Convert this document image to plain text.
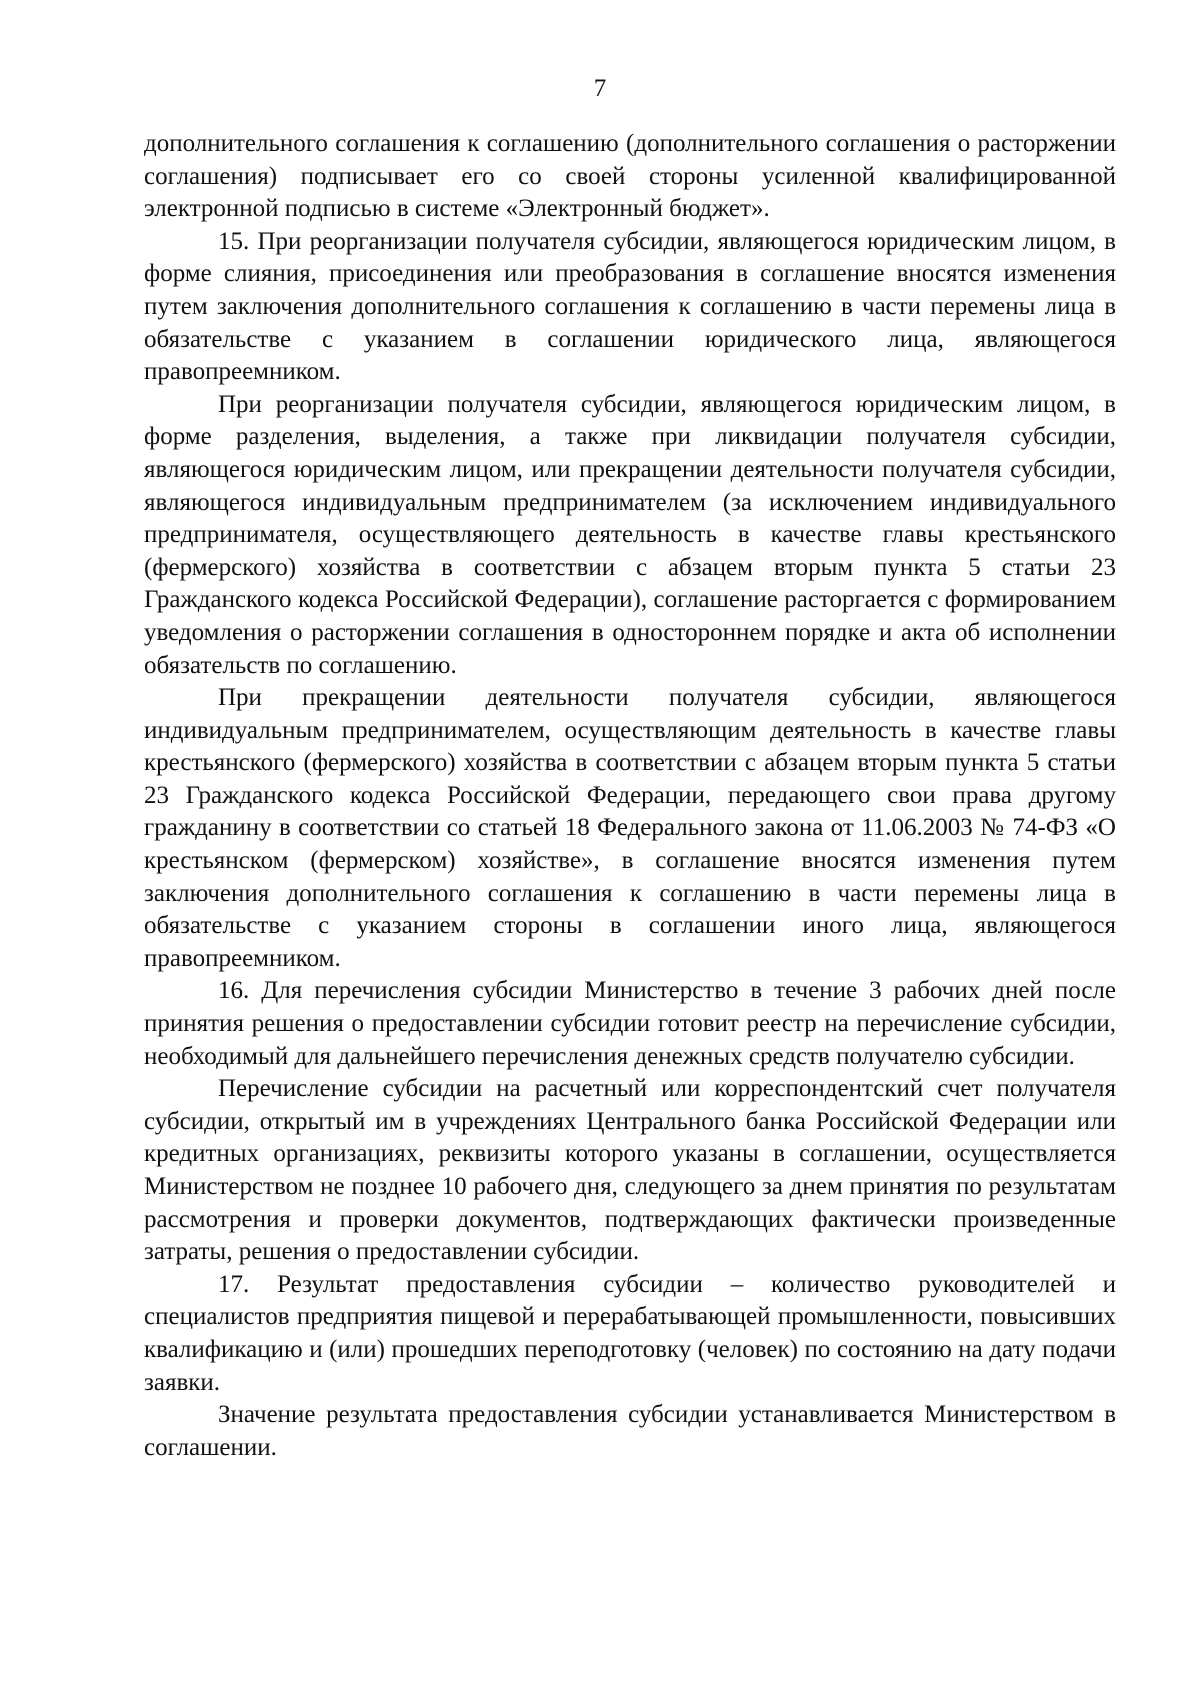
7

дополнительного соглашения к соглашению (дополнительного соглашения о расторжении соглашения) подписывает его со своей стороны усиленной квалифицированной электронной подписью в системе «Электронный бюджет».

15. При реорганизации получателя субсидии, являющегося юридическим лицом, в форме слияния, присоединения или преобразования в соглашение вносятся изменения путем заключения дополнительного соглашения к соглашению в части перемены лица в обязательстве с указанием в соглашении юридического лица, являющегося правопреемником.

При реорганизации получателя субсидии, являющегося юридическим лицом, в форме разделения, выделения, а также при ликвидации получателя субсидии, являющегося юридическим лицом, или прекращении деятельности получателя субсидии, являющегося индивидуальным предпринимателем (за исключением индивидуального предпринимателя, осуществляющего деятельность в качестве главы крестьянского (фермерского) хозяйства в соответствии с абзацем вторым пункта 5 статьи 23 Гражданского кодекса Российской Федерации), соглашение расторгается с формированием уведомления о расторжении соглашения в одностороннем порядке и акта об исполнении обязательств по соглашению.

При прекращении деятельности получателя субсидии, являющегося индивидуальным предпринимателем, осуществляющим деятельность в качестве главы крестьянского (фермерского) хозяйства в соответствии с абзацем вторым пункта 5 статьи 23 Гражданского кодекса Российской Федерации, передающего свои права другому гражданину в соответствии со статьей 18 Федерального закона от 11.06.2003 № 74-ФЗ «О крестьянском (фермерском) хозяйстве», в соглашение вносятся изменения путем заключения дополнительного соглашения к соглашению в части перемены лица в обязательстве с указанием стороны в соглашении иного лица, являющегося правопреемником.

16. Для перечисления субсидии Министерство в течение 3 рабочих дней после принятия решения о предоставлении субсидии готовит реестр на перечисление субсидии, необходимый для дальнейшего перечисления денежных средств получателю субсидии.

Перечисление субсидии на расчетный или корреспондентский счет получателя субсидии, открытый им в учреждениях Центрального банка Российской Федерации или кредитных организациях, реквизиты которого указаны в соглашении, осуществляется Министерством не позднее 10 рабочего дня, следующего за днем принятия по результатам рассмотрения и проверки документов, подтверждающих фактически произведенные затраты, решения о предоставлении субсидии.

17. Результат предоставления субсидии – количество руководителей и специалистов предприятия пищевой и перерабатывающей промышленности, повысивших квалификацию и (или) прошедших переподготовку (человек) по состоянию на дату подачи заявки.

Значение результата предоставления субсидии устанавливается Министерством в соглашении.
